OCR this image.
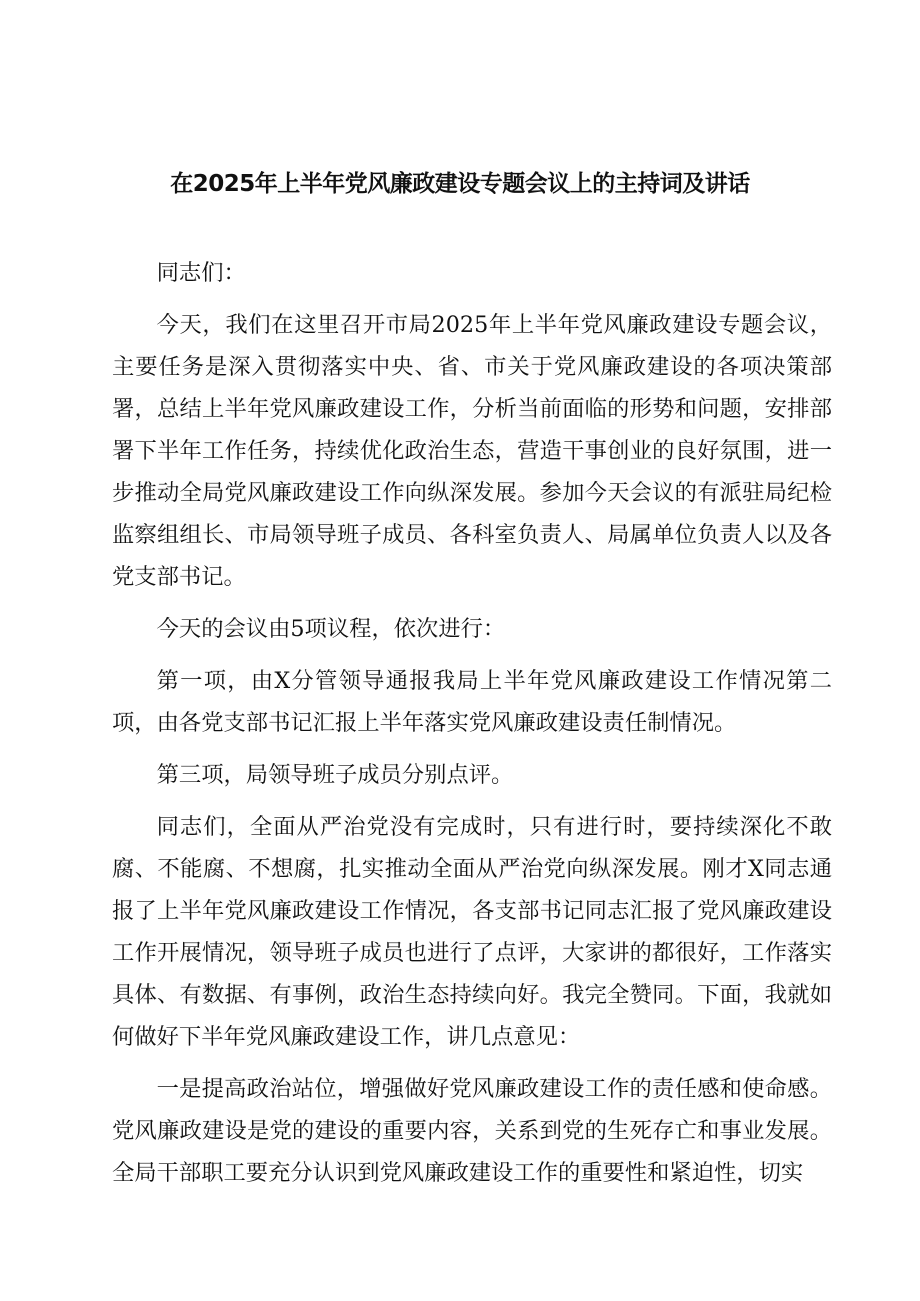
在2025年上半年党风廉政建设专题会议上的主持词及讲话

同志们：

今天，我们在这里召开市局2025年上半年党风廉政建设专题会议，主要任务是深入贯彻落实中央、省、市关于党风廉政建设的各项决策部署，总结上半年党风廉政建设工作，分析当前面临的形势和问题，安排部署下半年工作任务，持续优化政治生态，营造干事创业的良好氛围，进一步推动全局党风廉政建设工作向纵深发展。参加今天会议的有派驻局纪检监察组组长、市局领导班子成员、各科室负责人、局属单位负责人以及各党支部书记。

今天的会议由5项议程，依次进行：

第一项，由X分管领导通报我局上半年党风廉政建设工作情况第二项，由各党支部书记汇报上半年落实党风廉政建设责任制情况。

第三项，局领导班子成员分别点评。

同志们，全面从严治党没有完成时，只有进行时，要持续深化不敢腐、不能腐、不想腐，扎实推动全面从严治党向纵深发展。刚才X同志通报了上半年党风廉政建设工作情况，各支部书记同志汇报了党风廉政建设工作开展情况，领导班子成员也进行了点评，大家讲的都很好，工作落实具体、有数据、有事例，政治生态持续向好。我完全赞同。下面，我就如何做好下半年党风廉政建设工作，讲几点意见：

一是提高政治站位，增强做好党风廉政建设工作的责任感和使命感。党风廉政建设是党的建设的重要内容，关系到党的生死存亡和事业发展。全局干部职工要充分认识到党风廉政建设工作的重要性和紧迫性，切实
